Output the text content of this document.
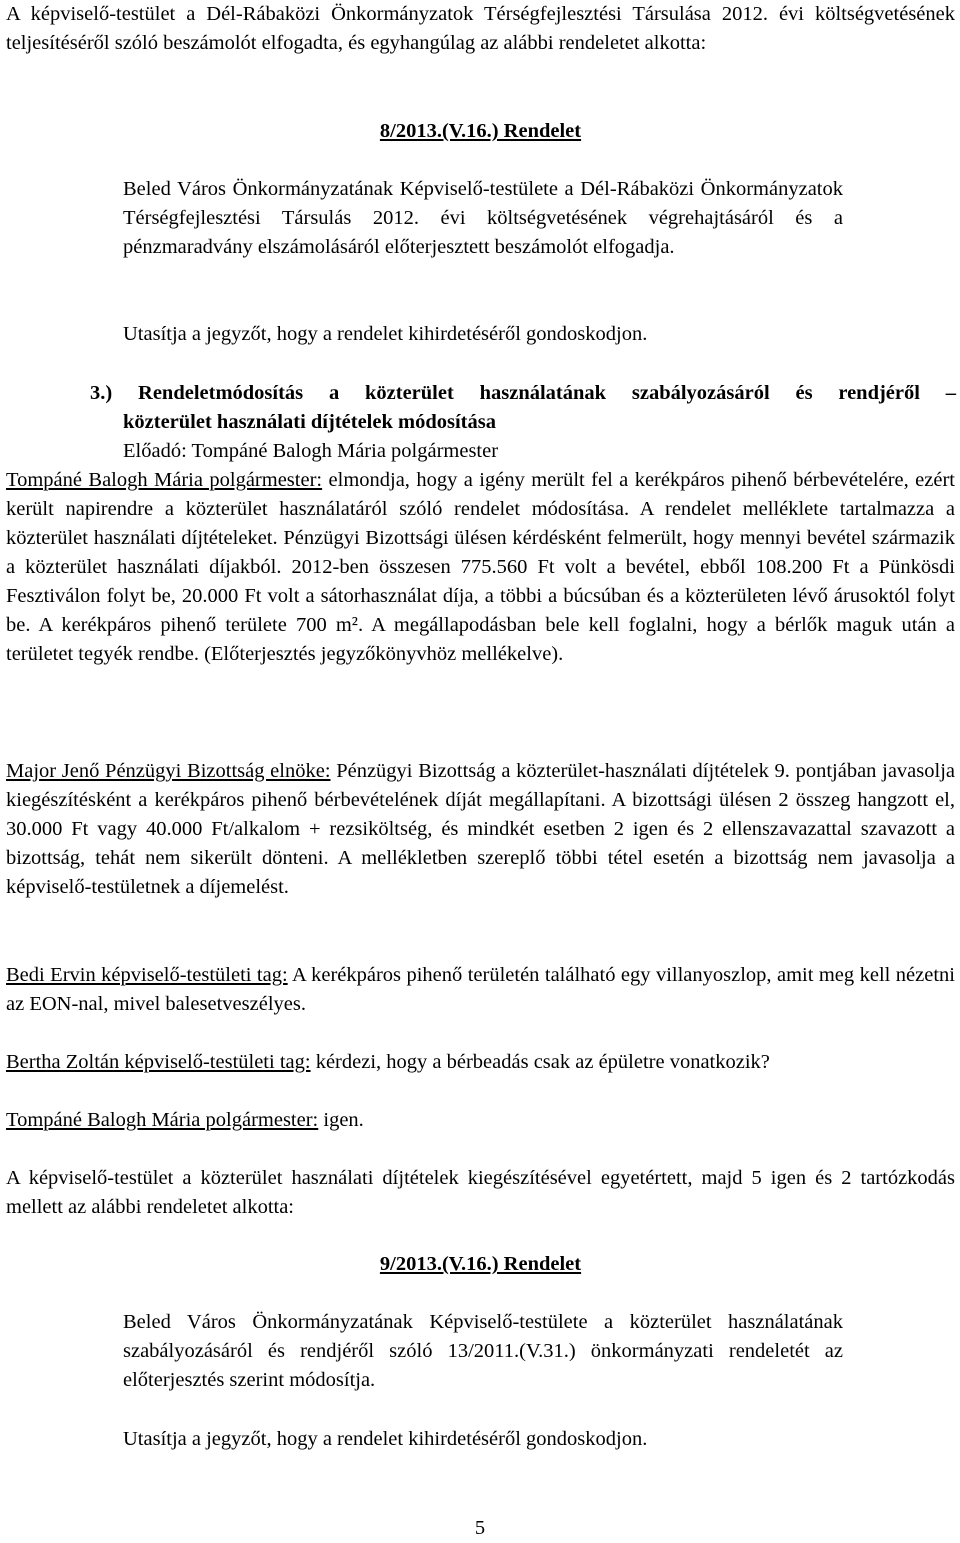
A képviselő-testület a Dél-Rábaközi Önkormányzatok Térségfejlesztési Társulása 2012. évi költségvetésének teljesítéséről szóló beszámolót elfogadta, és egyhangúlag az alábbi rendeletet alkotta:

8/2013.(V.16.) Rendelet

Beled Város Önkormányzatának Képviselő-testülete a Dél-Rábaközi Önkormányzatok Térségfejlesztési Társulás 2012. évi költségvetésének végrehajtásáról és a pénzmaradvány elszámolásáról előterjesztett beszámolót elfogadja.

Utasítja a jegyzőt, hogy a rendelet kihirdetéséről gondoskodjon.

3.) Rendeletmódosítás a közterület használatának szabályozásáról és rendjéről –
közterület használati díjtételek módosítása

Előadó: Tompáné Balogh Mária polgármester

Tompáné Balogh Mária polgármester: elmondja, hogy a igény merült fel a kerékpáros pihenő bérbevételére, ezért került napirendre a közterület használatáról szóló rendelet módosítása. A rendelet melléklete tartalmazza a közterület használati díjtételeket. Pénzügyi Bizottsági ülésen kérdésként felmerült, hogy mennyi bevétel származik a közterület használati díjakból. 2012-ben összesen 775.560 Ft volt a bevétel, ebből 108.200 Ft a Pünkösdi Fesztiválon folyt be, 20.000 Ft volt a sátorhasználat díja, a többi a búcsúban és a közterületen lévő árusoktól folyt be. A kerékpáros pihenő területe 700 m². A megállapodásban bele kell foglalni, hogy a bérlők maguk után a területet tegyék rendbe. (Előterjesztés jegyzőkönyvhöz mellékelve).

Major Jenő Pénzügyi Bizottság elnöke: Pénzügyi Bizottság a közterület-használati díjtételek 9. pontjában javasolja kiegészítésként a kerékpáros pihenő bérbevételének díját megállapítani. A bizottsági ülésen 2 összeg hangzott el, 30.000 Ft vagy 40.000 Ft/alkalom + rezsiköltség, és mindkét esetben 2 igen és 2 ellenszavazattal szavazott a bizottság, tehát nem sikerült dönteni. A mellékletben szereplő többi tétel esetén a bizottság nem javasolja a képviselő-testületnek a díjemelést.

Bedi Ervin képviselő-testületi tag: A kerékpáros pihenő területén található egy villanyoszlop, amit meg kell nézetni az EON-nal, mivel balesetveszélyes.

Bertha Zoltán képviselő-testületi tag: kérdezi, hogy a bérbeadás csak az épületre vonatkozik?

Tompáné Balogh Mária polgármester: igen.

A képviselő-testület a közterület használati díjtételek kiegészítésével egyetértett, majd 5 igen és 2 tartózkodás mellett az alábbi rendeletet alkotta:

9/2013.(V.16.) Rendelet

Beled Város Önkormányzatának Képviselő-testülete a közterület használatának szabályozásáról és rendjéről szóló 13/2011.(V.31.) önkormányzati rendeletét az előterjesztés szerint módosítja.

Utasítja a jegyzőt, hogy a rendelet kihirdetéséről gondoskodjon.

5
